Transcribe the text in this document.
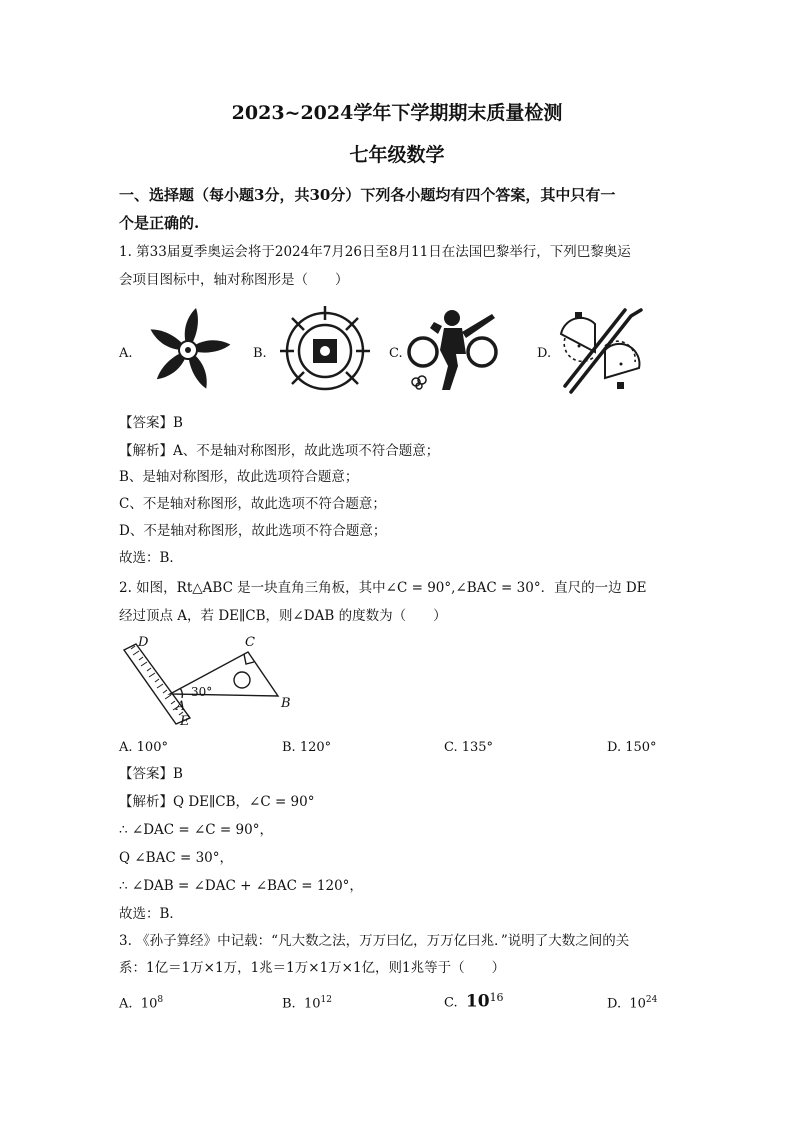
2023~2024学年下学期期末质量检测
七年级数学
一、选择题（每小题3分，共30分）下列各小题均有四个答案，其中只有一
个是正确的.
1. 第33届夏季奥运会将于2024年7月26日至8月11日在法国巴黎举行，下列巴黎奥运
会项目图标中，轴对称图形是（　　）
A.	B.	C.	D.
【答案】B
【解析】A、不是轴对称图形，故此选项不符合题意；
B、是轴对称图形，故此选项符合题意；
C、不是轴对称图形，故此选项不符合题意；
D、不是轴对称图形，故此选项不符合题意；
故选：B．
2. 如图，Rt△ABC 是一块直角三角板，其中∠C = 90°,∠BAC = 30°．直尺的一边 DE
经过顶点 A，若 DE∥CB，则∠DAB 的度数为（　　）
D	C
30°
A	B
E
A. 100°	B. 120°	C. 135°	D. 150°
【答案】B
【解析】Q DE∥CB，∠C = 90°
∴ ∠DAC = ∠C = 90°，
Q ∠BAC = 30°，
∴ ∠DAB = ∠DAC + ∠BAC = 120°，
故选：B．
3. 《孙子算经》中记载：“凡大数之法，万万曰亿，万万亿曰兆．”说明了大数之间的关
系：1亿＝1万×1万，1兆＝1万×1万×1亿，则1兆等于（　　）
A. $10^8$	B. $10^{12}$	C. $10^{16}$	D. $10^{24}$
